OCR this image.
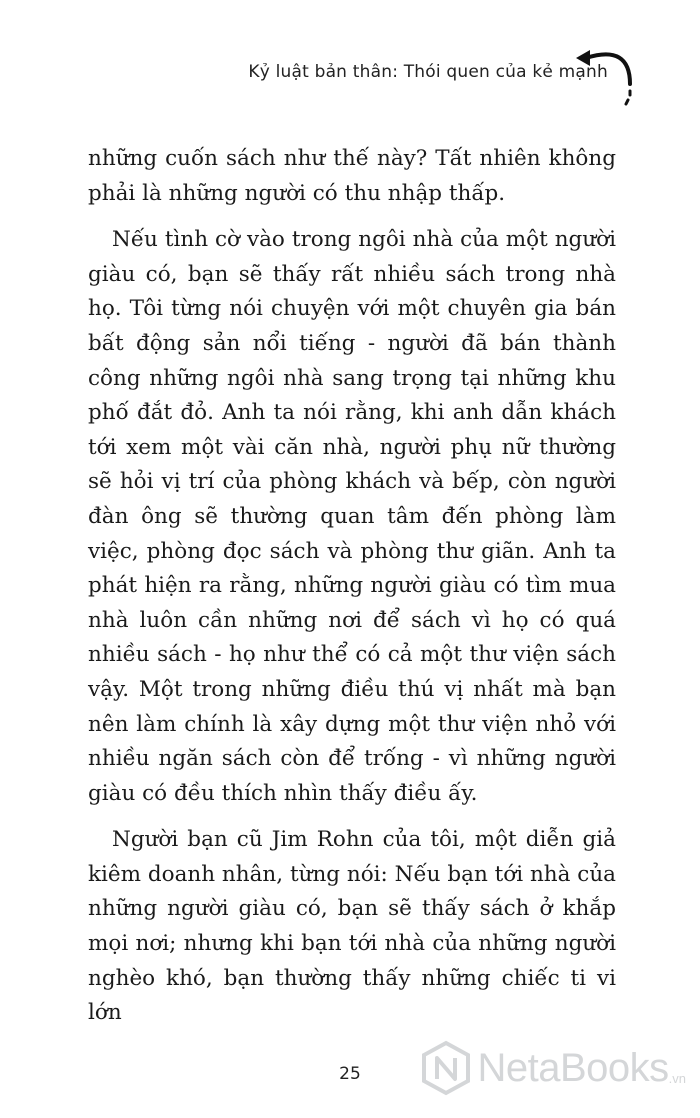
Kỷ luật bản thân: Thói quen của kẻ mạnh

những cuốn sách như thế này? Tất nhiên không phải là những người có thu nhập thấp.

Nếu tình cờ vào trong ngôi nhà của một người giàu có, bạn sẽ thấy rất nhiều sách trong nhà họ. Tôi từng nói chuyện với một chuyên gia bán bất động sản nổi tiếng - người đã bán thành công những ngôi nhà sang trọng tại những khu phố đắt đỏ. Anh ta nói rằng, khi anh dẫn khách tới xem một vài căn nhà, người phụ nữ thường sẽ hỏi vị trí của phòng khách và bếp, còn người đàn ông sẽ thường quan tâm đến phòng làm việc, phòng đọc sách và phòng thư giãn. Anh ta phát hiện ra rằng, những người giàu có tìm mua nhà luôn cần những nơi để sách vì họ có quá nhiều sách - họ như thể có cả một thư viện sách vậy. Một trong những điều thú vị nhất mà bạn nên làm chính là xây dựng một thư viện nhỏ với nhiều ngăn sách còn để trống - vì những người giàu có đều thích nhìn thấy điều ấy.

Người bạn cũ Jim Rohn của tôi, một diễn giả kiêm doanh nhân, từng nói: Nếu bạn tới nhà của những người giàu có, bạn sẽ thấy sách ở khắp mọi nơi; nhưng khi bạn tới nhà của những người nghèo khó, bạn thường thấy những chiếc ti vi lớn

25	NetaBooks .vn
